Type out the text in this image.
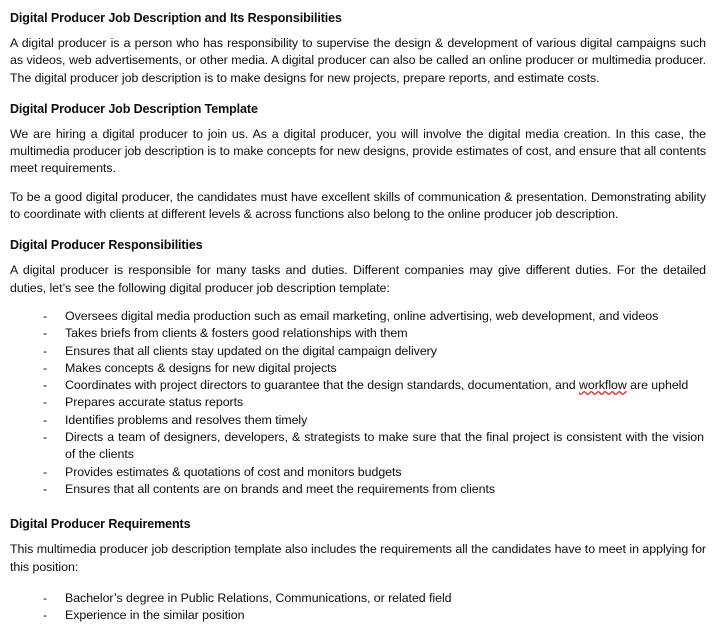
Digital Producer Job Description and Its Responsibilities

A digital producer is a person who has responsibility to supervise the design & development of various digital campaigns such as videos, web advertisements, or other media. A digital producer can also be called an online producer or multimedia producer. The digital producer job description is to make designs for new projects, prepare reports, and estimate costs.

Digital Producer Job Description Template

We are hiring a digital producer to join us. As a digital producer, you will involve the digital media creation. In this case, the multimedia producer job description is to make concepts for new designs, provide estimates of cost, and ensure that all contents meet requirements.

To be a good digital producer, the candidates must have excellent skills of communication & presentation. Demonstrating ability to coordinate with clients at different levels & across functions also belong to the online producer job description.

Digital Producer Responsibilities

A digital producer is responsible for many tasks and duties. Different companies may give different duties. For the detailed duties, let’s see the following digital producer job description template:

- Oversees digital media production such as email marketing, online advertising, web development, and videos
- Takes briefs from clients & fosters good relationships with them
- Ensures that all clients stay updated on the digital campaign delivery
- Makes concepts & designs for new digital projects
- Coordinates with project directors to guarantee that the design standards, documentation, and workflow are upheld
- Prepares accurate status reports
- Identifies problems and resolves them timely
- Directs a team of designers, developers, & strategists to make sure that the final project is consistent with the vision of the clients
- Provides estimates & quotations of cost and monitors budgets
- Ensures that all contents are on brands and meet the requirements from clients
Digital Producer Requirements

This multimedia producer job description template also includes the requirements all the candidates have to meet in applying for this position:

- Bachelor’s degree in Public Relations, Communications, or related field
- Experience in the similar position
